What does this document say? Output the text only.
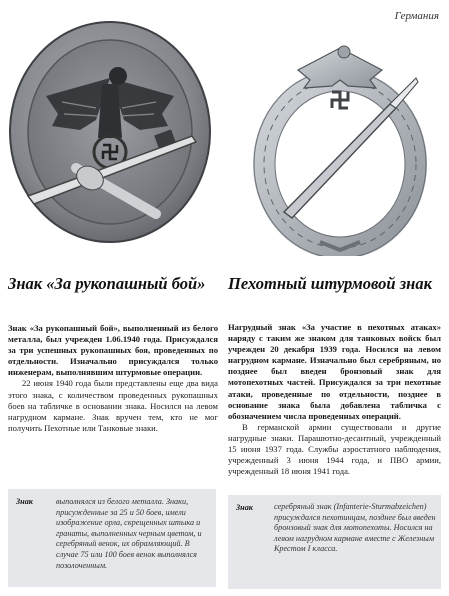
Германия
Знак «За рукопашный бой»	Пехотный штурмовой знак

Знак «За рукопашный бой», выполненный из белого металла, был учрежден 1.06.1940 года. Присуждался за три успешных рукопашных боя, проведенных по отдельности. Изначально присуждался только инженерам, выполнявшим штурмовые операции.

22 июня 1940 года были представлены еще два вида этого знака, с количеством проведенных рукопашных боев на табличке в основании знака. Носился на левом нагрудном кармане. Знак вручен тем, кто не мог получить Пехотные или Танковые знаки.

Нагрудный знак «За участие в пехотных атаках» наряду с таким же знаком для танковых войск был учрежден 20 декабря 1939 года. Носился на левом нагрудном кармане. Изначально был серебряным, но позднее был введен бронзовый знак для мотопехотных частей. Присуждался за три пехотные атаки, проведенные по отдельности, позднее в основание знака была добавлена табличка с обозначением числа проведенных операций.

В германской армии существовали и другие нагрудные знаки. Парашютно-десантный, учрежденный 15 июня 1937 года. Службы аэростатного наблюдения, учрежденный 3 июня 1944 года, и ПВО армии, учрежденный 18 июня 1941 года.

Знак	выполнялся из белого металла. Знаки, присужденные за 25 и 50 боев, имели изображение орла, скрещенных штыка и гранаты, выполненных черным цветом, и серебряный венок, их обрамляющий. В случае 75 или 100 боев венок выполнялся позолоченным.
Знак	серебряный знак (Infanterie-Sturmabzeichen) присуждался пехотинцам, позднее был введен бронзовый знак для мотопехоты. Носился на левом нагрудном кармане вместе с Железным Крестом I класса.
